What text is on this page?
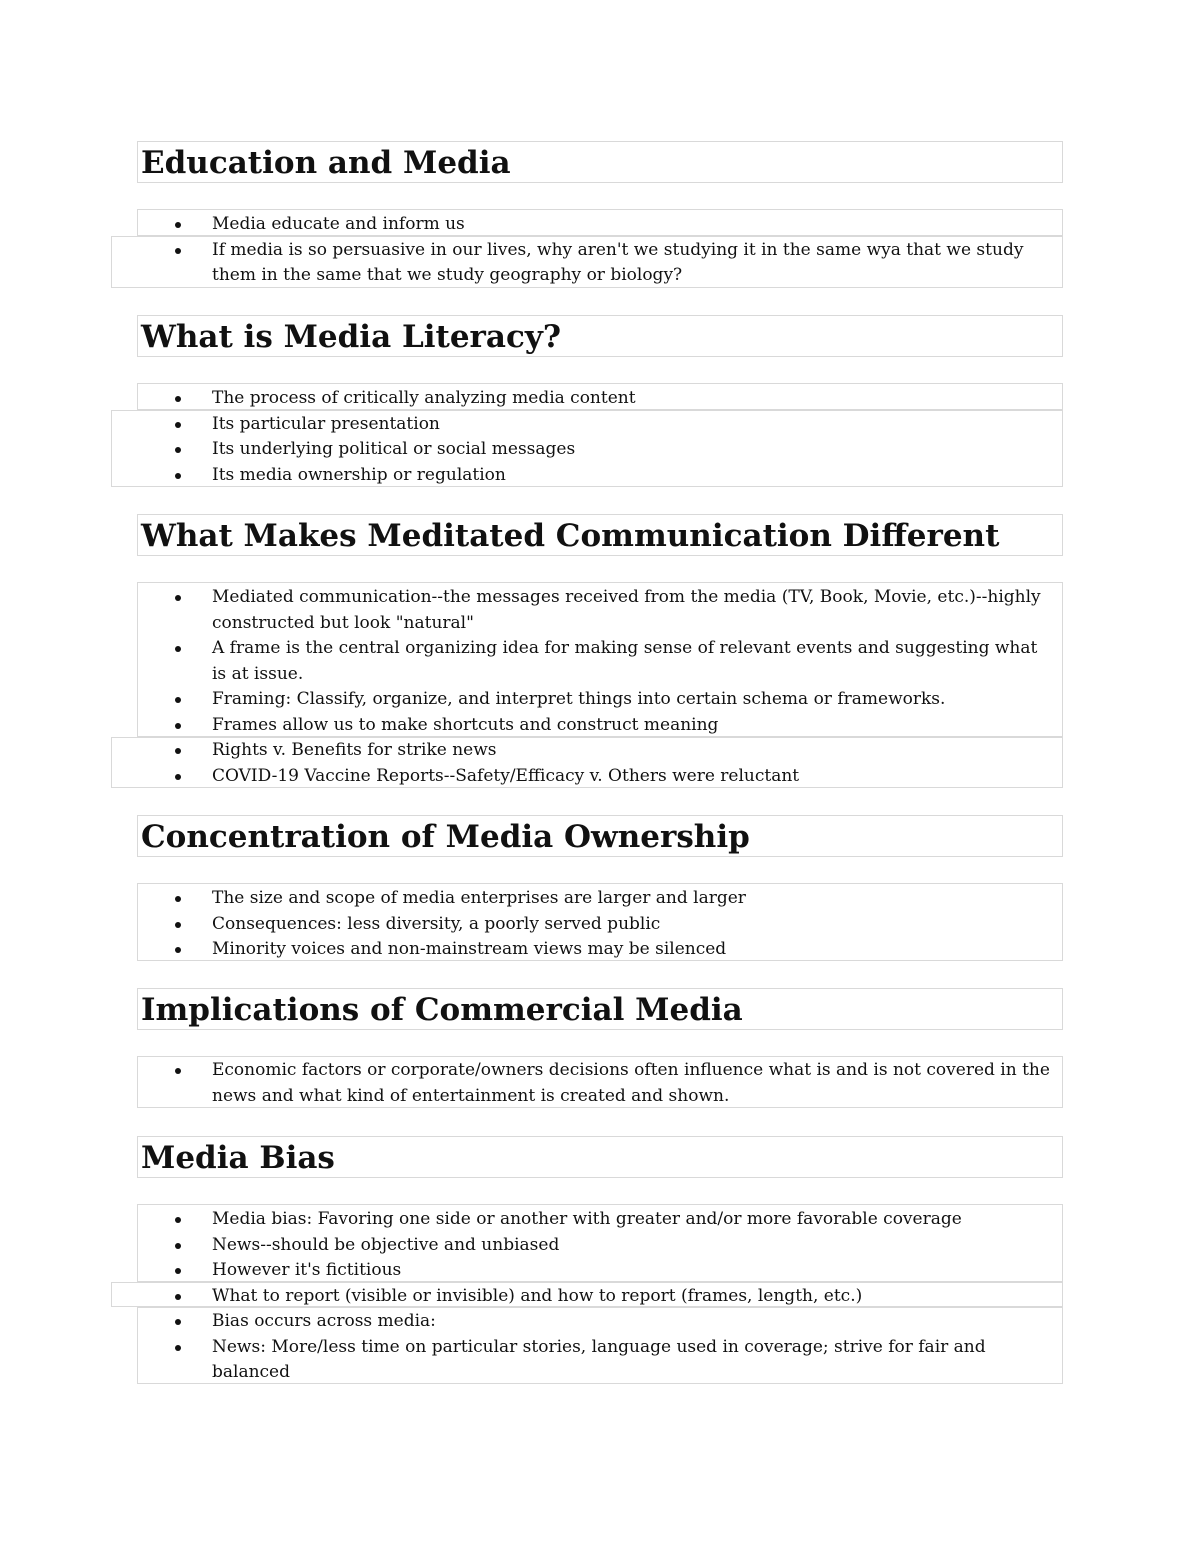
Education and Media
Media educate and inform us
If media is so persuasive in our lives, why aren't we studying it in the same wya that we study them in the same that we study geography or biology?
What is Media Literacy?
The process of critically analyzing media content
Its particular presentation
Its underlying political or social messages
Its media ownership or regulation
What Makes Meditated Communication Different
Mediated communication--the messages received from the media (TV, Book, Movie, etc.)--highly constructed but look "natural"
A frame is the central organizing idea for making sense of relevant events and suggesting what is at issue.
Framing: Classify, organize, and interpret things into certain schema or frameworks.
Frames allow us to make shortcuts and construct meaning
Rights v. Benefits for strike news
COVID-19 Vaccine Reports--Safety/Efficacy v. Others were reluctant
Concentration of Media Ownership
The size and scope of media enterprises are larger and larger
Consequences: less diversity, a poorly served public
Minority voices and non-mainstream views may be silenced
Implications of Commercial Media
Economic factors or corporate/owners decisions often influence what is and is not covered in the news and what kind of entertainment is created and shown.
Media Bias
Media bias: Favoring one side or another with greater and/or more favorable coverage
News--should be objective and unbiased
However it's fictitious
What to report (visible or invisible) and how to report (frames, length, etc.)
Bias occurs across media:
News: More/less time on particular stories, language used in coverage; strive for fair and balanced
